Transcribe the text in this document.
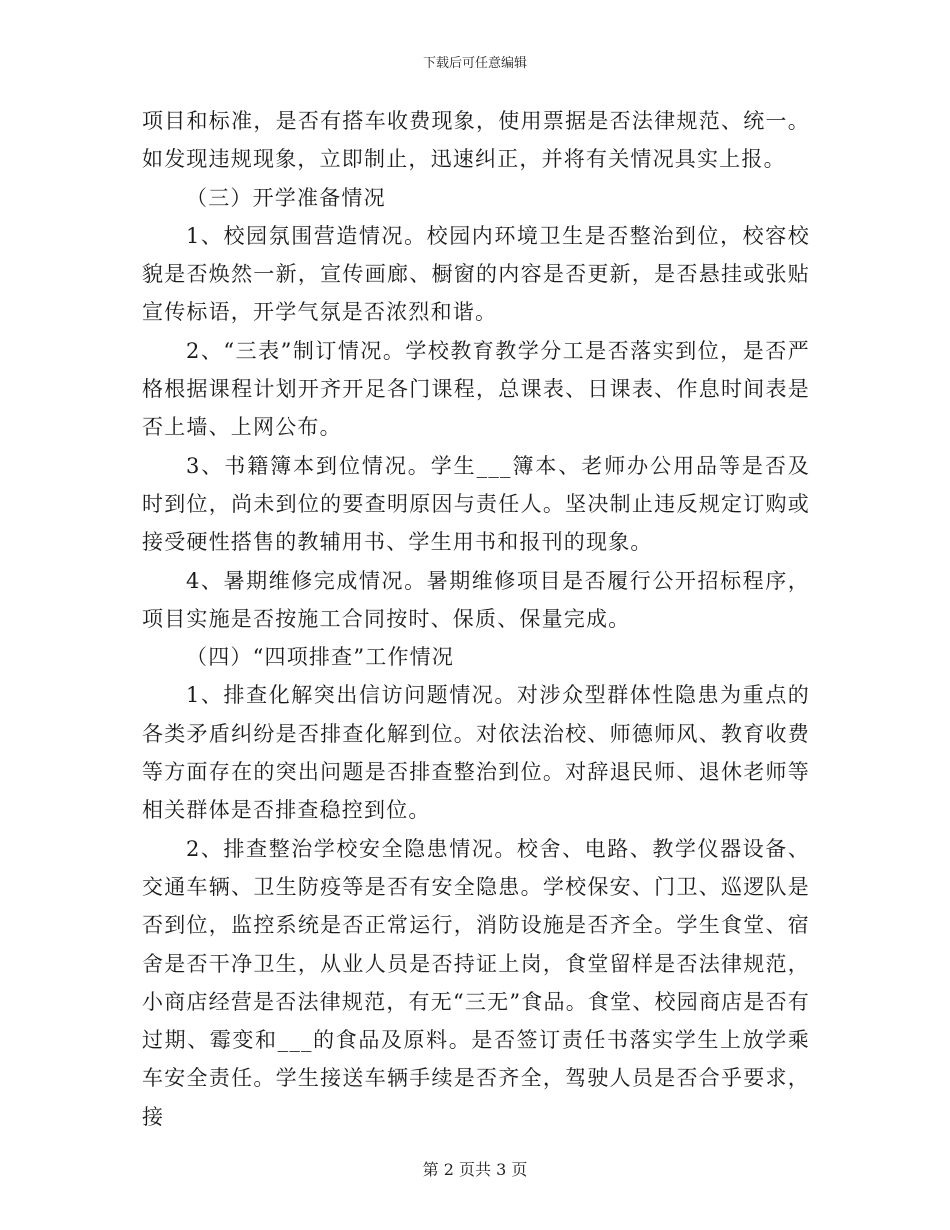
下载后可任意编辑

项目和标准，是否有搭车收费现象，使用票据是否法律规范、统一。如发现违规现象，立即制止，迅速纠正，并将有关情况具实上报。

（三）开学准备情况

1、校园氛围营造情况。校园内环境卫生是否整治到位，校容校貌是否焕然一新，宣传画廊、橱窗的内容是否更新，是否悬挂或张贴宣传标语，开学气氛是否浓烈和谐。

2、“三表”制订情况。学校教育教学分工是否落实到位，是否严格根据课程计划开齐开足各门课程，总课表、日课表、作息时间表是否上墙、上网公布。

3、书籍簿本到位情况。学生___簿本、老师办公用品等是否及时到位，尚未到位的要查明原因与责任人。坚决制止违反规定订购或接受硬性搭售的教辅用书、学生用书和报刊的现象。

4、暑期维修完成情况。暑期维修项目是否履行公开招标程序，项目实施是否按施工合同按时、保质、保量完成。

（四）“四项排查”工作情况

1、排查化解突出信访问题情况。对涉众型群体性隐患为重点的各类矛盾纠纷是否排查化解到位。对依法治校、师德师风、教育收费等方面存在的突出问题是否排查整治到位。对辞退民师、退休老师等相关群体是否排查稳控到位。

2、排查整治学校安全隐患情况。校舍、电路、教学仪器设备、交通车辆、卫生防疫等是否有安全隐患。学校保安、门卫、巡逻队是否到位，监控系统是否正常运行，消防设施是否齐全。学生食堂、宿舍是否干净卫生，从业人员是否持证上岗，食堂留样是否法律规范，小商店经营是否法律规范，有无“三无”食品。食堂、校园商店是否有过期、霉变和___的食品及原料。是否签订责任书落实学生上放学乘车安全责任。学生接送车辆手续是否齐全，驾驶人员是否合乎要求，接

第 2 页共 3 页
